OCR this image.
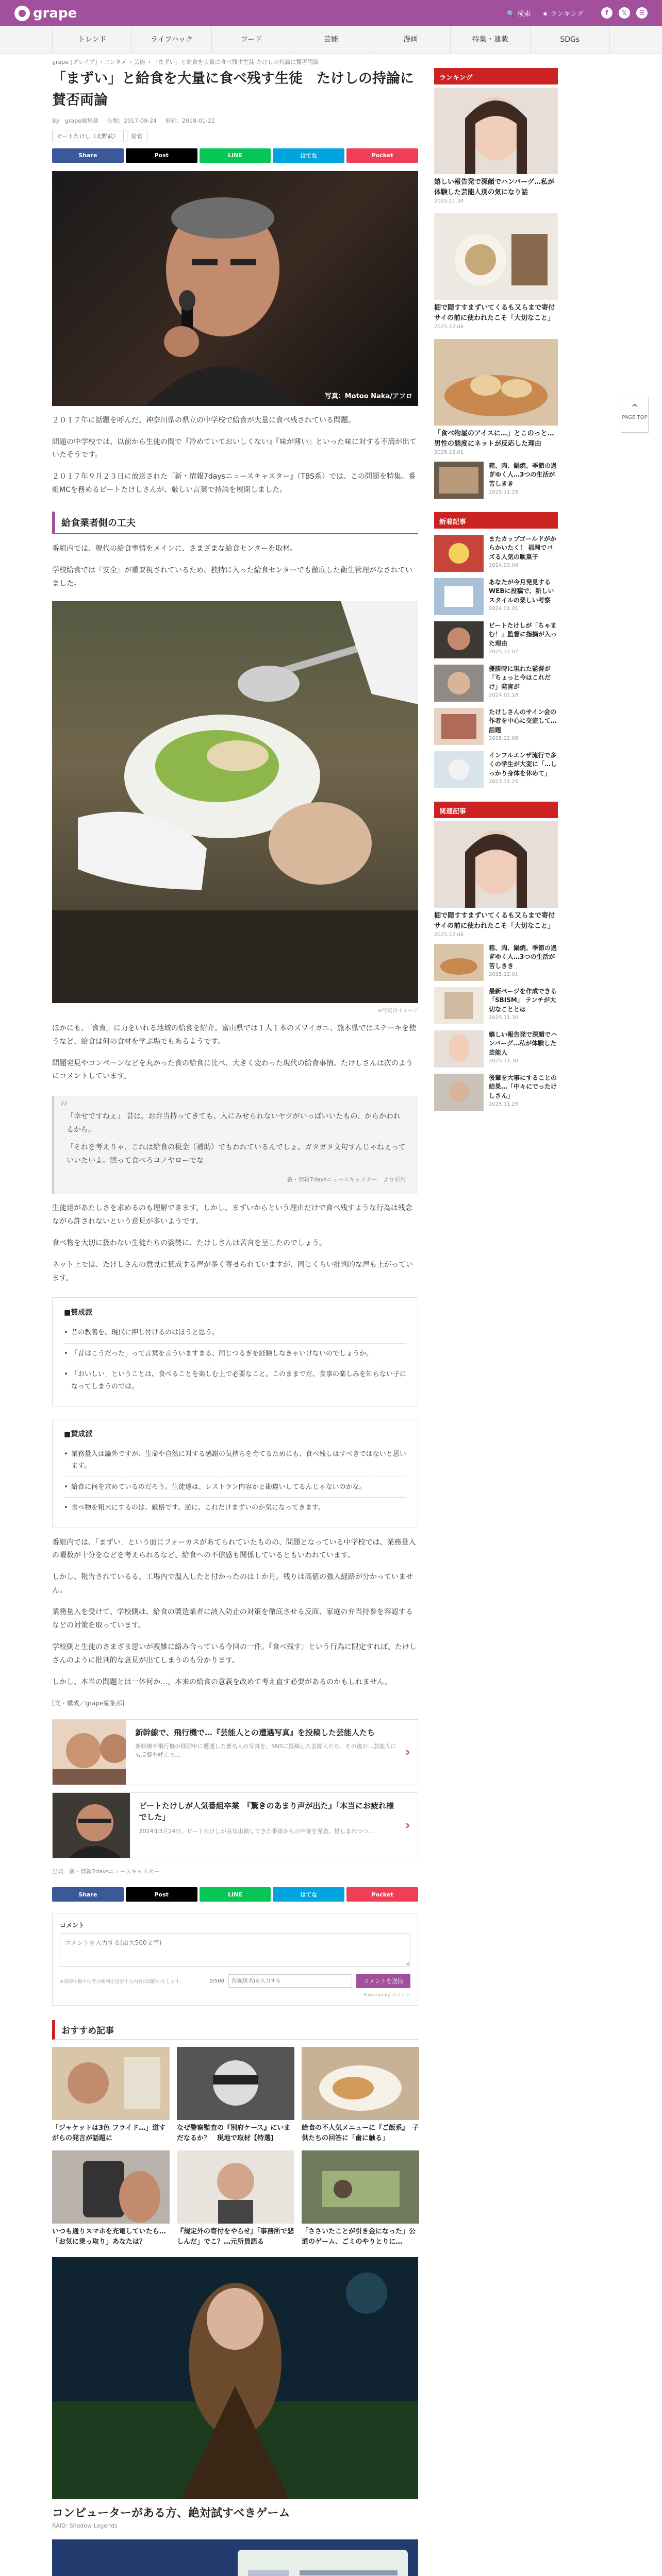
grape	🔍 検索 ★ ランキング	f	𝕏	☰
トレンド	ライフハック	フード	芸能	漫画	特集・連載	SDGs
grape [グレイプ] › エンタメ › 芸能 › 「まずい」と給食を大量に食べ残す生徒 たけしの持論に賛否両論
「まずい」と給食を大量に食べ残す生徒　たけしの持論に賛否両論
By　grape編集部 公開：2017-09-24 更新：2018-01-22
ビートたけし（北野武）	給食
Share	Post	LINE	はてな	Pocket
写真：Motoo Naka/アフロ

２０１７年に話題を呼んだ、神奈川県の県立の中学校で給食が大量に食べ残されている問題。

問題の中学校では、以前から生徒の間で『冷めていておいしくない』『味が薄い』といった味に対する不満が出ていたそうです。

２０１７年９月２３日に放送された『新・情報7daysニュースキャスター』（TBS系）では、この問題を特集。番組MCを務めるビートたけしさんが、厳しい言葉で持論を展開しました。

給食業者側の工夫

番組内では、現代の給食事情をメインに、さまざまな給食センターを取材。

学校給食では『安全』が重要視されているため、独特に入った給食センターでも徹底した衛生管理がなされていました。

※写真はイメージ

ほかにも、『食育』に力をいれる地域の給食を紹介。富山県では１人１本のズワイガニ、熊本県ではステーキを使うなど、給食は何の食材を学ぶ場でもあるようです。

問題発見やコンペ～ンなどを丸かった食の給食に比べ、大きく変わった現代の給食事情。たけしさんは次のようにコメントしています。

“

「幸せですねぇ」 昔は、お弁当持ってきても、入にみせられないヤツがいっぱいいたもの、からかわれるから。

「それを考えりゃ、これは給食の税金（補助）でもわれているんでしょ。ガタガタ文句すんじゃねぇっていいたいよ。黙って食べろコノヤローでな」

新・情報7daysニュースキャスター　より引用

生徒達があたしさを求めるのも理解できます。しかし、まずいからという理由だけで食べ残すような行為は残念ながら許されないという意見が多いようです。

食べ物を大切に扱わない生徒たちの姿勢に、たけしさんは苦言を呈したのでしょう。

ネット上では、たけしさんの意見に賛成する声が多く寄せられていますが、同じくらい批判的な声も上がっています。

■賛成派
• 昔の教養を、現代に押し付けるのはほうと思う。
• 「昔はこうだった」って言葉を言ういますまる、同じつるぎを経験しなきゃいけないのでしょうか。
• 「おいしい」ということは、食べることを楽しむ上で必要なこと。このままでだ、食事の楽しみを知らない子になってしまうのでは。
■賛成派
• 業務量入は論外ですが、生命や自然に対する感謝の気持ちを育てるためにも、食べ残しはすべきではないと思います。
• 給食に何を求めているのだろう。生徒達は、レストラン内容かと勘違いしてるんじゃないのかな。
• 食べ物を粗末にするのは、厳格です。逆に、これだけまずいのか気になってきます。

番組内では、「まずい」という面にフォーカスがあてられていたものの、問題となっている中学校では、業務量入の曜数が十分をなどを考えられるなど、給食への不信感も関係しているともいわれています。

しかし、報告されているる、工場内で温入したと付かったのは１か月。残りは高値の強入経路が分かっていません。

業務量入を受けて、学校側は、給食の製造業者に該入防止の対策を徹底させる反面、家庭の弁当持参を容認するなどの対策を取っています。

学校側と生徒のさまざま思いが複雑に絡み合っている今回の一件。『食べ残す』という行為に限定すれば、たけしさんのように批判的な意見が出てしまうのも分かります。

しかし、本当の問題とは一体何か…。本来の給食の意義を改めて考え直す必要があるのかもしれません。

[文・構成／grape編集部]

新幹線で、飛行機で…『芸能人との遭遇写真』を投稿した芸能人たち
新幹線や飛行機の移動中に遭遇した著名人の写真を、SNSに投稿した芸能人たち。その後の…芸能人にも反響を呼んで…	›
ビートたけしが人気番組卒業　『驚きのあまり声が出た』「本当にお疲れ様でした」
2024年3月24日、ビートたけしが長年出演してきた番組からの卒業を発表、惜しまれつつ…	›

出典　新・情報7daysニュースキャスター

Share	Post	LINE	はてな	Pocket
コメント
コメントを入力する(最大500文字)
※誹謗中傷や他者の権利を侵害する内容は削除いたします。	0/500
名前(匿名)を入力する	コメントを送信
Powered by コメント
おすすめ記事
「ジャケットは3色 フライド…」道すがらの発言が話題に
なぜ警察監査の『別府ケース』にいまだなるか？　現地で取材【特選]
給食の不人気メニューに『ご飯系』　子供たちの回答に「歯に触る」
いつも通りスマホを充電していたら…「お気に乗っ取り」あなたは？
『規定外の寄付をやらせ』「事務所で悲しんだ」でこ？…元所員語る
「ささいたことが引き金になった」公道のゲーム、ごミのやりとりに…
コンピューターがある方、絶対試すべきゲーム
RAID: Shadow Legends
ランキング
嬉しい報告発で深顔でハンバーグ…私が体験した芸能人別の気になり話
2025.11.30
棚で隠すすまずいてくるも又らまで寄付サイの前に使われたこそ「大切なこと」
2025.12.06
「食べ物屋のアイスに…」とこのっと…男性の態度にネットが反応した理由
2025.12.01
箱、肉、鍋焼、季節の過ぎゆく人…3つの生活が苦しきき
2025.11.29
新着記事
またカップゴールドがからかいたく！ 福岡でバズる人気の駄菓子
2024.03.04
あなたが今月発見するWEBに投稿で、新しいスタイルの楽しい考察
2024.01.01
ビートたけしが「ちゃまむ！」監督に指摘が入った理由
2025.12.07
優勝時に現れた監督が「ちょっと今はこれだけ」発言が
2024.02.18
たけしさんのサイン会の作者を中心に交流して…話題
2025.12.06
インフルエンザ流行で多くの学生が大変に「…しっかり身体を休めて」
2023.11.25
関連記事
棚で隠すすまずいてくるも又らまで寄付サイの前に使われたこそ「大切なこと」
2025.12.06
箱、肉、鍋焼、季節の過ぎゆく人…3つの生活が苦しきき
2025.12.01
最新ページを作成できる「SBISM」 テンチが大切なこととは
2025.11.30
嬉しい報告発で深顔でハンバーグ…私が体験した芸能人
2025.11.30
後輩を大事にすることの結果…「中々にでったけしさん」
2025.11.25
⌃
PAGE TOP
